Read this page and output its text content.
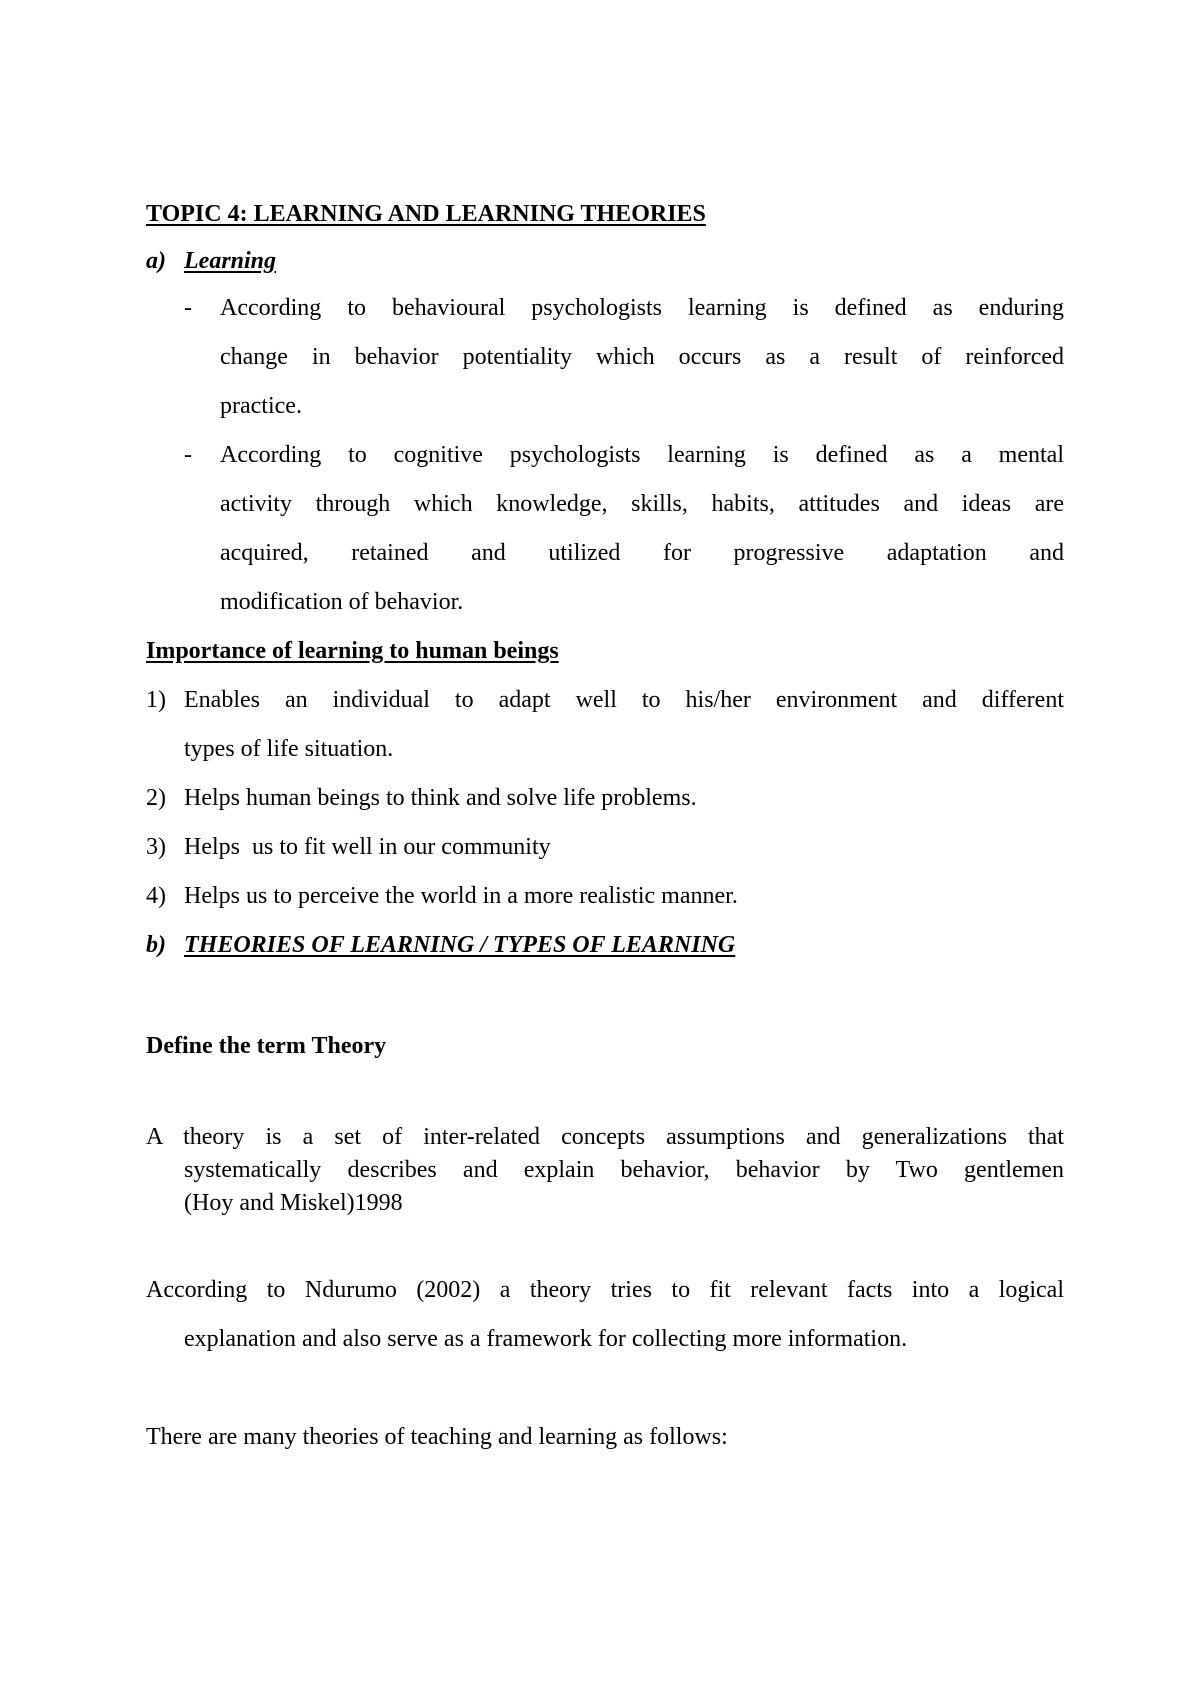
TOPIC 4: LEARNING AND LEARNING THEORIES
a) Learning
- According to behavioural psychologists learning is defined as enduring
change in behavior potentiality which occurs as a result of reinforced
practice.
- According to cognitive psychologists learning is defined as a mental
activity through which knowledge, skills, habits, attitudes and ideas are
acquired, retained and utilized for progressive adaptation and
modification of behavior.
Importance of learning to human beings
1) Enables an individual to adapt well to his/her environment and different
types of life situation.
2) Helps human beings to think and solve life problems.
3) Helps  us to fit well in our community
4) Helps us to perceive the world in a more realistic manner.
b) THEORIES OF LEARNING / TYPES OF LEARNING
Define the term Theory
A theory is a set of inter-related concepts assumptions and generalizations that
systematically describes and explain behavior, behavior by Two gentlemen
(Hoy and Miskel)1998
According to Ndurumo (2002) a theory tries to fit relevant facts into a logical
explanation and also serve as a framework for collecting more information.
There are many theories of teaching and learning as follows:
